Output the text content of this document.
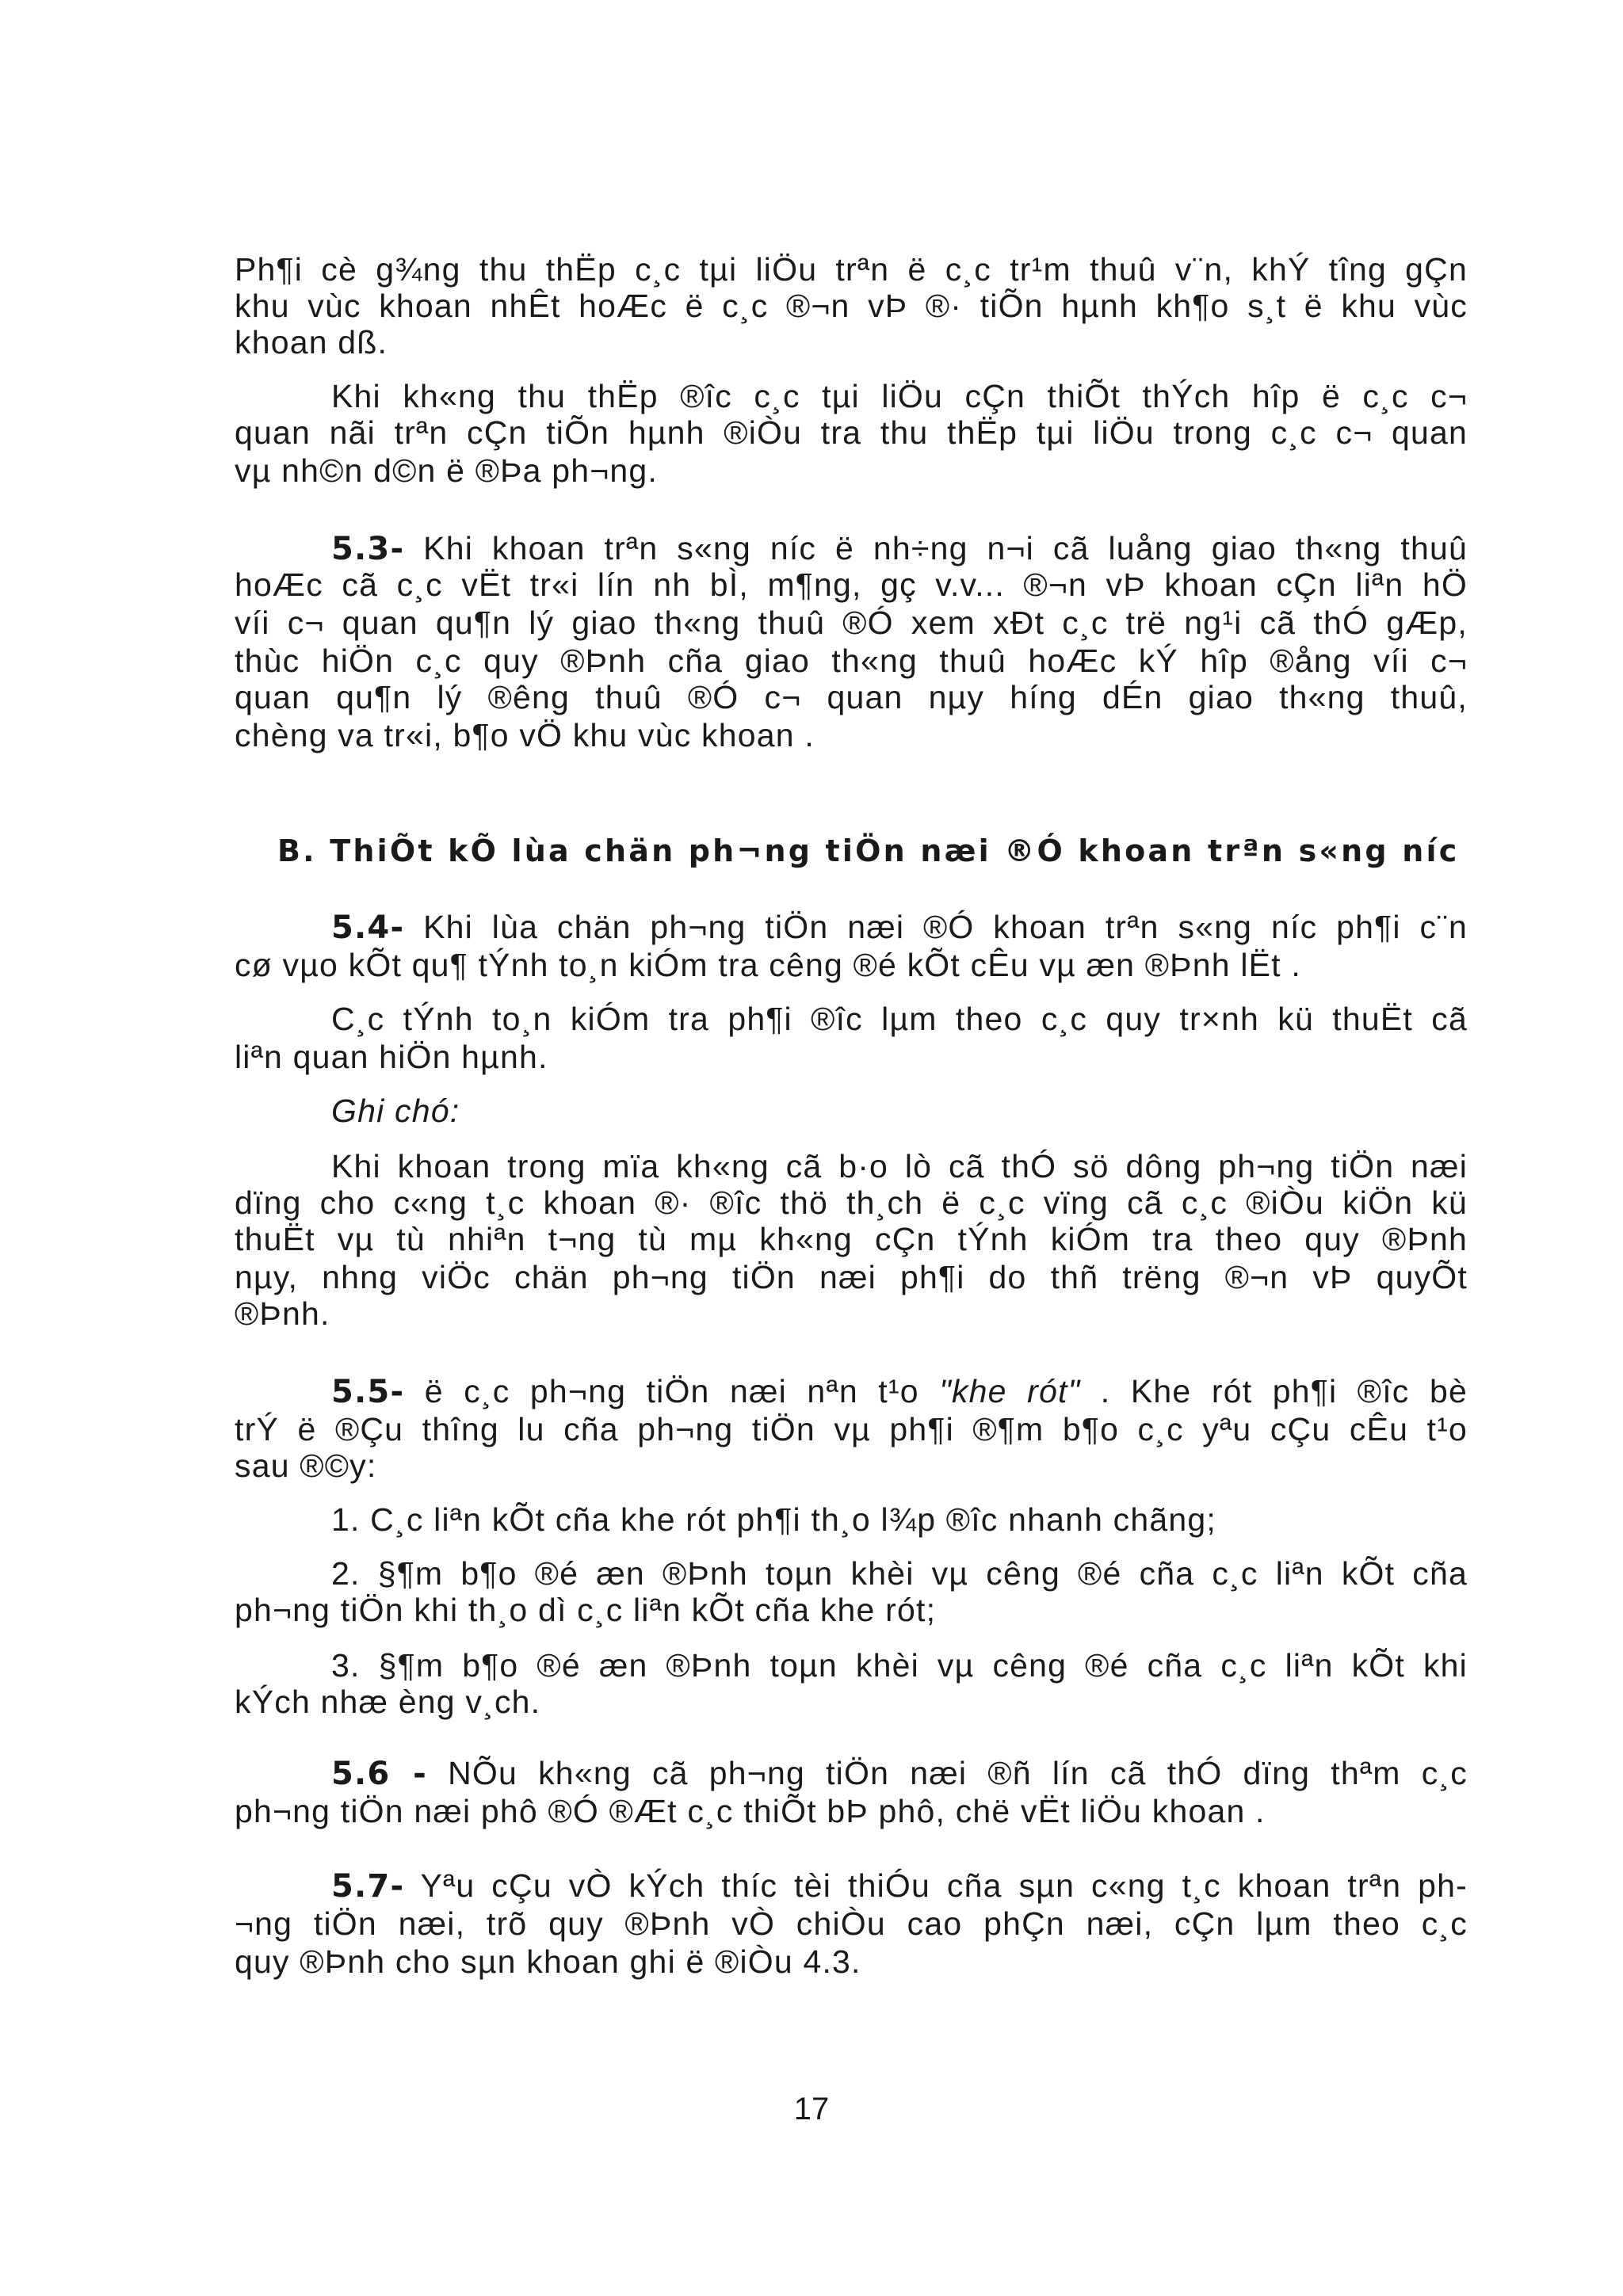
Ph¶i cè g¾ng thu thËp c¸c tµi liÖu trªn ë c¸c tr¹m thuû v¨n, khÝ tîng gÇn
khu vùc khoan nhÊt hoÆc ë c¸c ®¬n vÞ ®· tiÕn hµnh kh¶o s¸t ë khu vùc
khoan dß.
Khi kh«ng thu thËp ®îc c¸c tµi liÖu cÇn thiÕt thÝch hîp ë c¸c c¬
quan nãi trªn cÇn tiÕn hµnh ®iÒu tra thu thËp tµi liÖu trong c¸c c¬ quan
vµ nh©n d©n ë ®Þa ph¬ng.
5.3- Khi khoan trªn s«ng níc ë nh÷ng n¬i cã luång giao th«ng thuû
hoÆc cã c¸c vËt tr«i lín nh bÌ, m¶ng, gç v.v... ®¬n vÞ khoan cÇn liªn hÖ
víi c¬ quan qu¶n lý giao th«ng thuû ®Ó xem xÐt c¸c trë ng¹i cã thÓ gÆp,
thùc hiÖn c¸c quy ®Þnh cña giao th«ng thuû hoÆc kÝ hîp ®ång víi c¬
quan qu¶n lý ®êng thuû ®Ó c¬ quan nµy híng dÉn giao th«ng thuû,
chèng va tr«i, b¶o vÖ khu vùc khoan .
B. ThiÕt kÕ lùa chän ph¬ng tiÖn næi ®Ó khoan trªn s«ng níc
5.4- Khi lùa chän ph¬ng tiÖn næi ®Ó khoan trªn s«ng níc ph¶i c¨n
cø vµo kÕt qu¶ tÝnh to¸n kiÓm tra cêng ®é kÕt cÊu vµ æn ®Þnh lËt .
C¸c tÝnh to¸n kiÓm tra ph¶i ®îc lµm theo c¸c quy tr×nh kü thuËt cã
liªn quan hiÖn hµnh.
Ghi chó:
Khi khoan trong mïa kh«ng cã b·o lò cã thÓ sö dông ph¬ng tiÖn næi
dïng cho c«ng t¸c khoan ®· ®îc thö th¸ch ë c¸c vïng cã c¸c ®iÒu kiÖn kü
thuËt vµ tù nhiªn t¬ng tù mµ kh«ng cÇn tÝnh kiÓm tra theo quy ®Þnh
nµy, nhng viÖc chän ph¬ng tiÖn næi ph¶i do thñ trëng ®¬n vÞ quyÕt
®Þnh.
5.5- ë c¸c ph¬ng tiÖn næi nªn t¹o "khe rót" . Khe rót ph¶i ®îc bè
trÝ ë ®Çu thîng lu cña ph¬ng tiÖn vµ ph¶i ®¶m b¶o c¸c yªu cÇu cÊu t¹o
sau ®©y:
1. C¸c liªn kÕt cña khe rót ph¶i th¸o l¾p ®îc nhanh chãng;
2. §¶m b¶o ®é æn ®Þnh toµn khèi vµ cêng ®é cña c¸c liªn kÕt cña
ph¬ng tiÖn khi th¸o dì c¸c liªn kÕt cña khe rót;
3. §¶m b¶o ®é æn ®Þnh toµn khèi vµ cêng ®é cña c¸c liªn kÕt khi
kÝch nhæ èng v¸ch.
5.6 - NÕu kh«ng cã ph¬ng tiÖn næi ®ñ lín cã thÓ dïng thªm c¸c
ph¬ng tiÖn næi phô ®Ó ®Æt c¸c thiÕt bÞ phô, chë vËt liÖu khoan .
5.7- Yªu cÇu vÒ kÝch thíc tèi thiÓu cña sµn c«ng t¸c khoan trªn ph-
¬ng tiÖn næi, trõ quy ®Þnh vÒ chiÒu cao phÇn næi, cÇn lµm theo c¸c
quy ®Þnh cho sµn khoan ghi ë ®iÒu 4.3.
17
